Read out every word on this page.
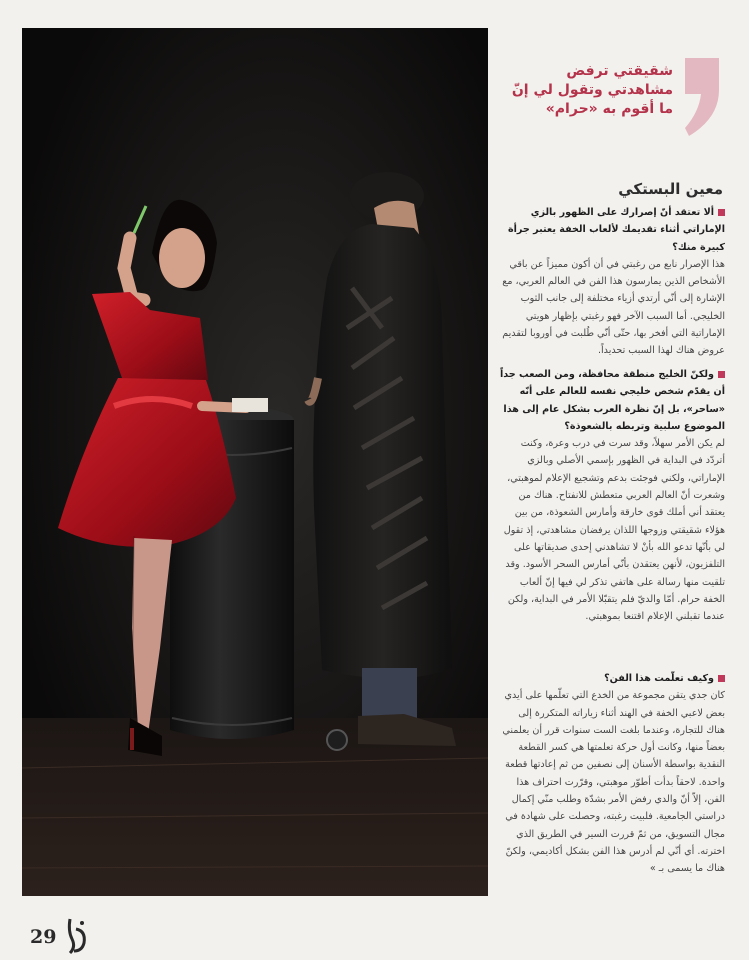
شقيقتي ترفض
مشاهدتي وتقول لي إنّ
ما أقوم به «حرام»
معين البستكي
ألا تعتقد أنّ إصرارك على الظهور بالزي الإماراتي أثناء تقديمك لألعاب الخفة يعتبر جرأة كبيرة منك؟

هذا الإصرار نابع من رغبتي في أن أكون مميزاً عن باقي الأشخاص الذين يمارسون هذا الفن في العالم العربي، مع الإشارة إلى أنّي أرتدي أزياء مختلفة إلى جانب الثوب الخليجي. أما السبب الآخر فهو رغبتي بإظهار هويتي الإماراتية التي أفخر بها، حتّى أنّي طُلبت في أوروبا لتقديم عروض هناك لهذا السبب تحديداً.

ولكنّ الخليج منطقة محافظة، ومن الصعب جداً أن يقدّم شخص خليجي نفسه للعالم على أنّه «ساحر»، بل إنّ نظرة العرب بشكل عام إلى هذا الموضوع سلبية وتربطه بالشعوذة؟

لم يكن الأمر سهلاً، وقد سرت في درب وعرة، وكنت أتردّد في البداية في الظهور بإسمي الأصلي وبالزي الإماراتي، ولكني فوجئت بدعم وتشجيع الإعلام لموهبتي، وشعرت أنّ العالم العربي متعطش للانفتاح. هناك من يعتقد أني أملك قوى خارقة وأمارس الشعوذة، من بين هؤلاء شقيقتي وزوجها اللذان يرفضان مشاهدتي، إذ تقول لي بأنّها تدعو الله بأنْ لا تشاهدني إحدى صديقاتها على التلفزيون، لأنهن يعتقدن بأنّي أمارس السحر الأسود. وقد تلقيت منها رسالة على هاتفي تذكر لي فيها إنّ ألعاب الخفة حرام. أمّا والديّ فلم يتقبّلا الأمر في البداية، ولكن عندما تقبلني الإعلام اقتنعا بموهبتي.

وكيف تعلّمت هذا الفن؟

كان جدي يتقن مجموعة من الخدع التي تعلّمها على أيدي بعض لاعبي الخفة في الهند أثناء زياراته المتكررة إلى هناك للتجارة، وعندما بلغت الست سنوات قرر أن يعلمني بعضاً منها، وكانت أول حركة تعلمتها هي كسر القطعة النقدية بواسطة الأسنان إلى نصفين من ثم إعادتها قطعة واحدة. لاحقاً بدأت أطوّر موهبتي، وقرّرت احتراف هذا الفن، إلاّ أنّ والدي رفض الأمر بشدّة وطلب منّي إكمال دراستي الجامعية. فلبيت رغبته، وحصلت على شهادة في مجال التسويق، من ثمّ قررت السير في الطريق الذي اخترته. أي أنّي لم أدرس هذا الفن بشكل أكاديمي، ولكنّ هناك ما يسمى بـ »

29
